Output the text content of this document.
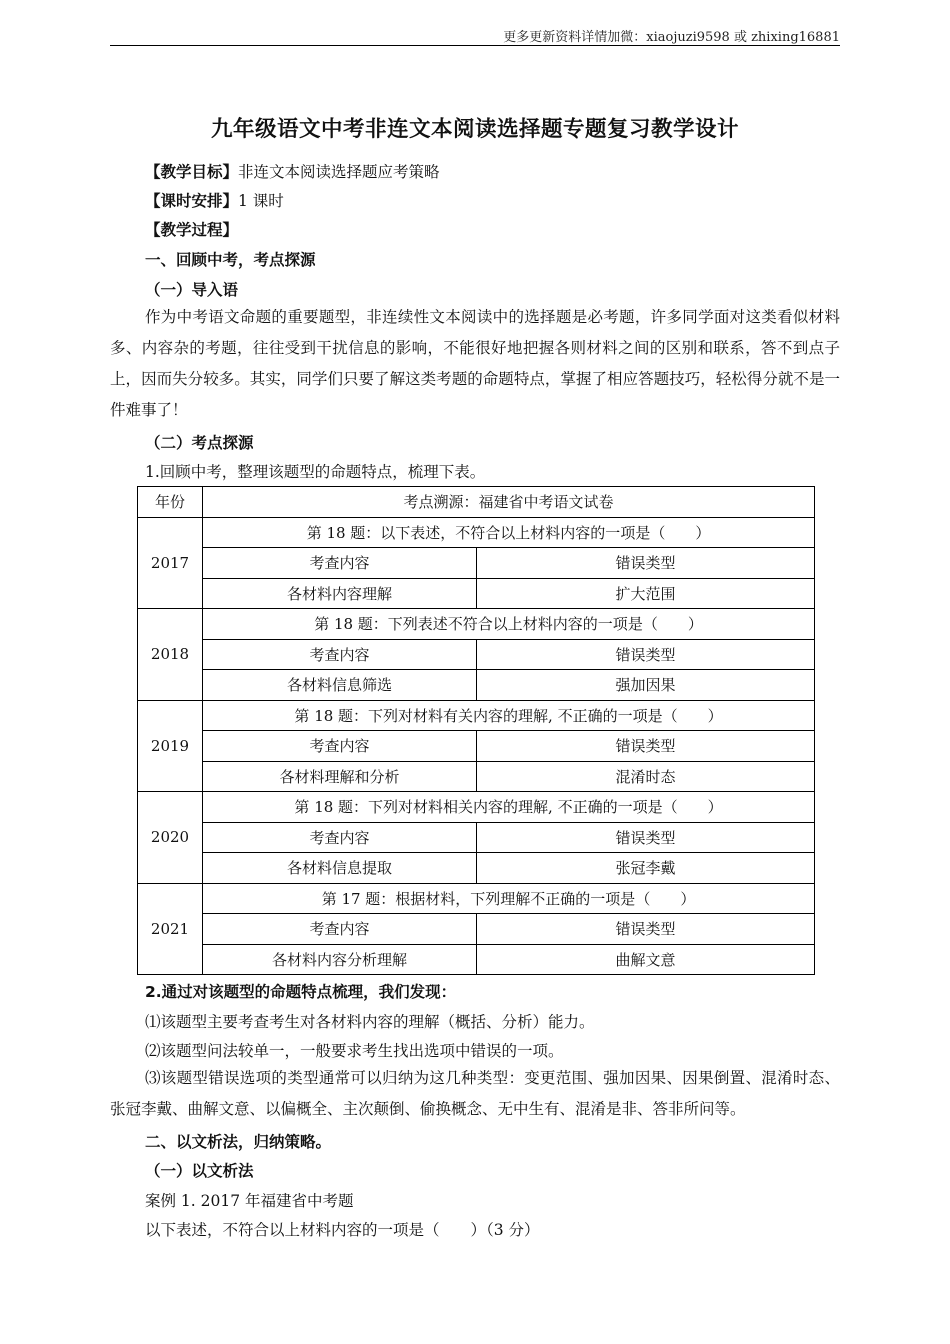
更多更新资料详情加微：xiaojuzi9598 或 zhixing16881
九年级语文中考非连文本阅读选择题专题复习教学设计
【教学目标】非连文本阅读选择题应考策略
【课时安排】1 课时
【教学过程】
一、回顾中考，考点探源
（一）导入语
作为中考语文命题的重要题型，非连续性文本阅读中的选择题是必考题，许多同学面对这类看似材料多、内容杂的考题，往往受到干扰信息的影响，不能很好地把握各则材料之间的区别和联系，答不到点子上，因而失分较多。其实，同学们只要了解这类考题的命题特点，掌握了相应答题技巧，轻松得分就不是一件难事了！
（二）考点探源
1.回顾中考，整理该题型的命题特点，梳理下表。
年份	考点溯源：福建省中考语文试卷	
2017	第 18 题：以下表述，不符合以上材料内容的一项是（　　）	
	考查内容	错误类型
	各材料内容理解	扩大范围
2018	第 18 题：下列表述不符合以上材料内容的一项是（　　）	
	考查内容	错误类型
	各材料信息筛选	强加因果
2019	第 18 题：下列对材料有关内容的理解, 不正确的一项是（　　）	
	考查内容	错误类型
	各材料理解和分析	混淆时态
2020	第 18 题：下列对材料相关内容的理解, 不正确的一项是（　　）	
	考查内容	错误类型
	各材料信息提取	张冠李戴
2021	第 17 题：根据材料，下列理解不正确的一项是（　　）	
	考查内容	错误类型
	各材料内容分析理解	曲解文意
2.通过对该题型的命题特点梳理，我们发现：
⑴该题型主要考查考生对各材料内容的理解（概括、分析）能力。
⑵该题型问法较单一，一般要求考生找出选项中错误的一项。
⑶该题型错误选项的类型通常可以归纳为这几种类型：变更范围、强加因果、因果倒置、混淆时态、张冠李戴、曲解文意、以偏概全、主次颠倒、偷换概念、无中生有、混淆是非、答非所问等。
二、以文析法，归纳策略。
（一）以文析法
案例 1. 2017 年福建省中考题
以下表述，不符合以上材料内容的一项是（　　）（3 分）
